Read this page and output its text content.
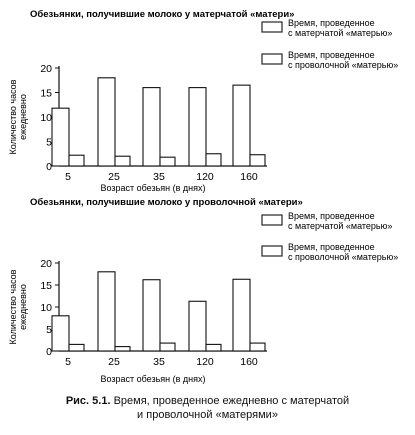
Обезьянки, получившие молоко у матерчатой «матери»
0
5
10
15
20
Количество часовежедневно
5	25	35	120	160
Возраст обезьян (в днях)
Время, проведенное с матерчатой «матерью»
Время, проведенное с проволочной «матерью»
Обезьянки, получившие молоко у проволочной «матери»
0
5
10
15
20
Количество часовежедневно
5	25	35	120	160
Возраст обезьян (в днях)
Время, проведенное с матерчатой «матерью»
Время, проведенное с проволочной «матерью»
Рис. 5.1. Время, проведенное ежедневно с матерчатой
и проволочной «матерями»
